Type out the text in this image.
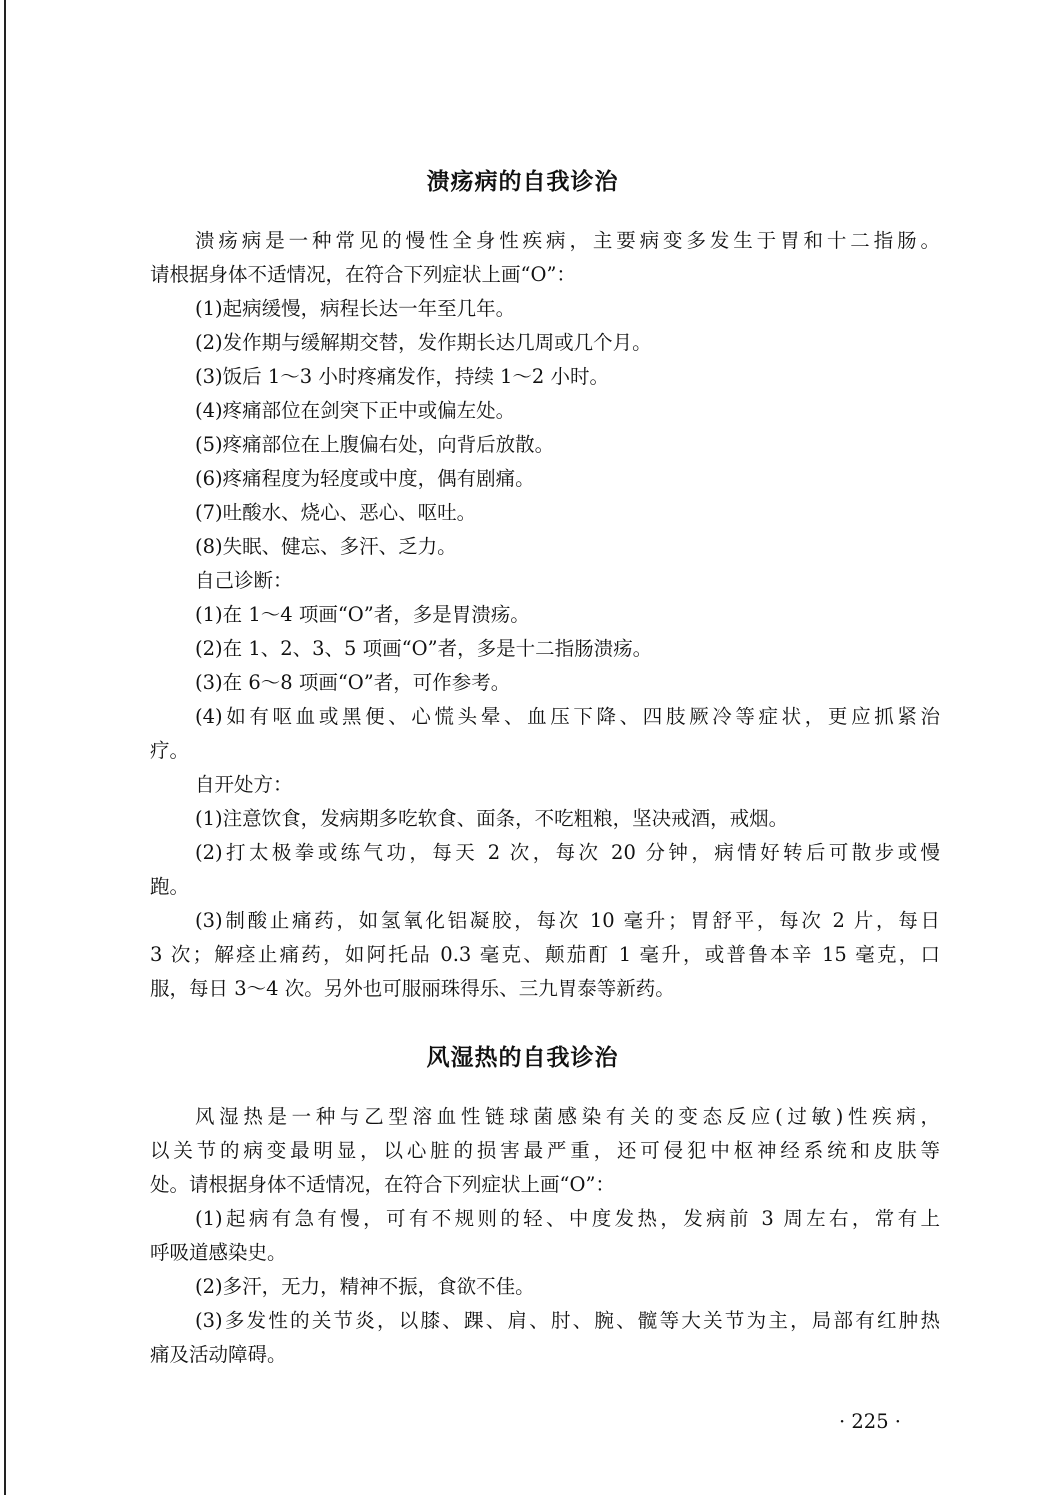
溃疡病的自我诊治
溃疡病是一种常见的慢性全身性疾病，主要病变多发生于胃和十二指肠。
请根据身体不适情况，在符合下列症状上画“O”：
(1)起病缓慢，病程长达一年至几年。
(2)发作期与缓解期交替，发作期长达几周或几个月。
(3)饭后 1～3 小时疼痛发作，持续 1～2 小时。
(4)疼痛部位在剑突下正中或偏左处。
(5)疼痛部位在上腹偏右处，向背后放散。
(6)疼痛程度为轻度或中度，偶有剧痛。
(7)吐酸水、烧心、恶心、呕吐。
(8)失眠、健忘、多汗、乏力。
自己诊断：
(1)在 1～4 项画“O”者，多是胃溃疡。
(2)在 1、2、3、5 项画“O”者，多是十二指肠溃疡。
(3)在 6～8 项画“O”者，可作参考。
(4)如有呕血或黑便、心慌头晕、血压下降、四肢厥冷等症状，更应抓紧治
疗。
自开处方：
(1)注意饮食，发病期多吃软食、面条，不吃粗粮，坚决戒酒，戒烟。
(2)打太极拳或练气功，每天 2 次，每次 20 分钟，病情好转后可散步或慢
跑。
(3)制酸止痛药，如氢氧化铝凝胶，每次 10 毫升；胃舒平，每次 2 片，每日
3 次；解痉止痛药，如阿托品 0.3 毫克、颠茄酊 1 毫升，或普鲁本辛 15 毫克，口
服，每日 3～4 次。另外也可服丽珠得乐、三九胃泰等新药。
风湿热的自我诊治
风湿热是一种与乙型溶血性链球菌感染有关的变态反应(过敏)性疾病，
以关节的病变最明显，以心脏的损害最严重，还可侵犯中枢神经系统和皮肤等
处。请根据身体不适情况，在符合下列症状上画“O”：
(1)起病有急有慢，可有不规则的轻、中度发热，发病前 3 周左右，常有上
呼吸道感染史。
(2)多汗，无力，精神不振，食欲不佳。
(3)多发性的关节炎，以膝、踝、肩、肘、腕、髋等大关节为主，局部有红肿热
痛及活动障碍。
· 225 ·
